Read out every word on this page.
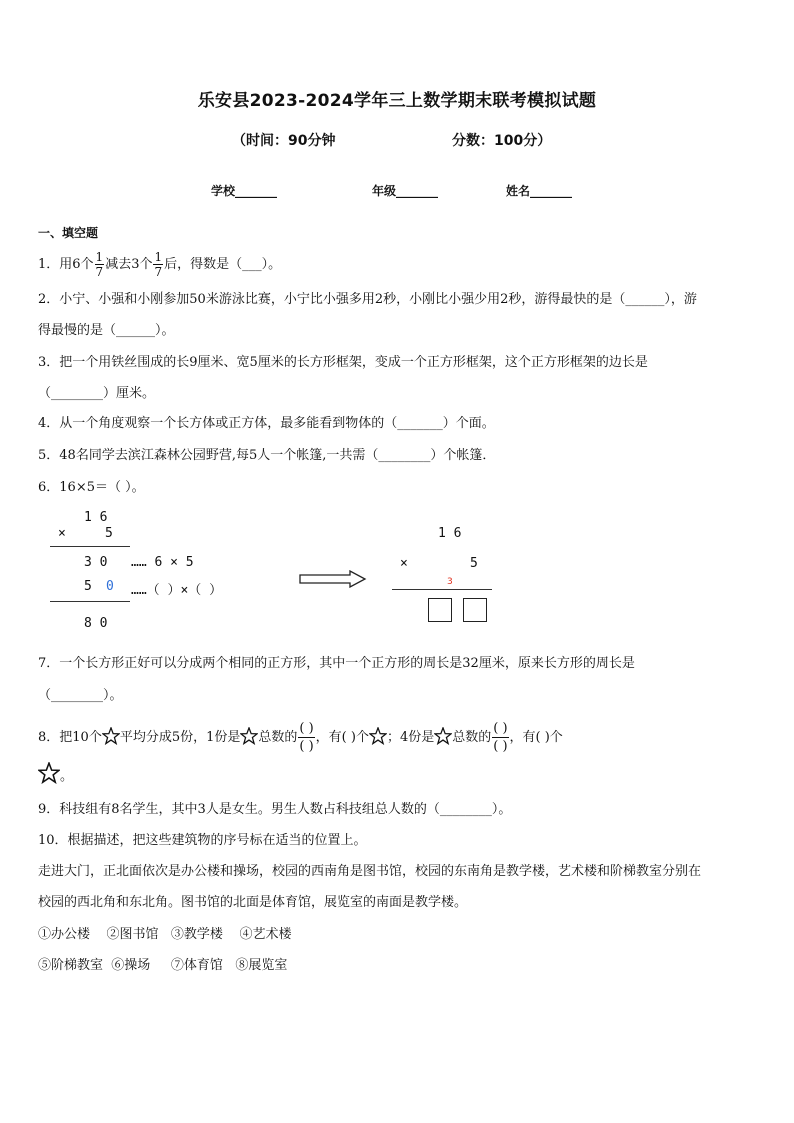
乐安县2023-2024学年三上数学期末联考模拟试题
（时间：90分钟	分数：100分）
学校_______	年级_______	姓名_______
一、填空题
1．用6个 $\frac{1}{7}$ 减去3个 $\frac{1}{7}$ 后，得数是（___）。
2．小宁、小强和小刚参加50米游泳比赛，小宁比小强多用2秒，小刚比小强少用2秒，游得最快的是（______），游
得最慢的是（______）。
3．把一个用铁丝围成的长9厘米、宽5厘米的长方形框架，变成一个正方形框架，这个正方形框架的边长是
（________）厘米。
4．从一个角度观察一个长方体或正方体，最多能看到物体的（_______）个面。
5．48名同学去滨江森林公园野营,每5人一个帐篷,一共需（________）个帐篷．
6．16×5＝（ ）。
1 6
×	5
3 0 …… 6 × 5
5 0 ……（ ）×（ ）
8 0
1 6
×	5
3
7．一个长方形正好可以分成两个相同的正方形，其中一个正方形的周长是32厘米，原来长方形的周长是
（________）。
8．把10个 平均分成5份，1份是 总数的 $\frac{( )}{( )}$ ，有( )个 ；4份是 总数的 $\frac{( )}{( )}$ ，有( )个
。
9．科技组有8名学生，其中3人是女生。男生人数占科技组总人数的（________）。
10．根据描述，把这些建筑物的序号标在适当的位置上。
走进大门，正北面依次是办公楼和操场，校园的西南角是图书馆，校园的东南角是教学楼，艺术楼和阶梯教室分别在
校园的西北角和东北角。图书馆的北面是体育馆，展览室的南面是教学楼。
①办公楼    ②图书馆   ③教学楼    ④艺术楼
⑤阶梯教室  ⑥操场     ⑦体育馆   ⑧展览室
